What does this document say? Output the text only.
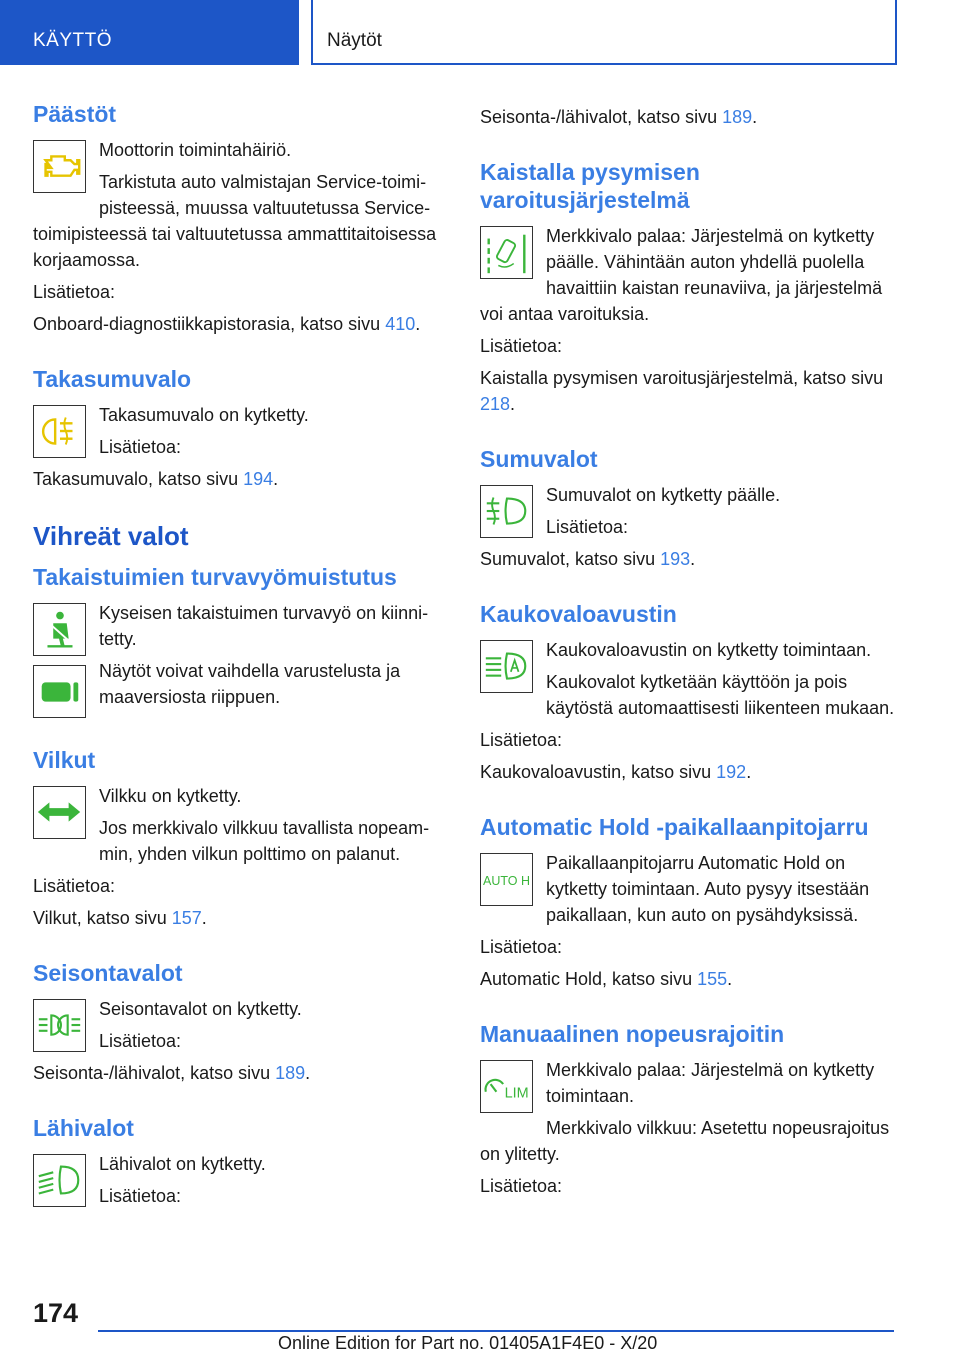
KÄYTTÖ	Näytöt
Päästöt

Moottorin toimintahäiriö.

Tarkistuta auto valmistajan Service-toimipisteessä, muussa valtuutetussa Service-toimipisteessä tai valtuutetussa ammattitaitoisessa korjaamossa.

Lisätietoa:

Onboard-diagnostiikkapistorasia, katso sivu 410.

Takasumuvalo

Takasumuvalo on kytketty.

Lisätietoa:

Takasumuvalo, katso sivu 194.

Vihreät valot
Takaistuimien turvavyömuistutus

Kyseisen takaistuimen turvavyö on kiinnitetty.

Näytöt voivat vaihdella varustelusta ja maaversiosta riippuen.

Vilkut

Vilkku on kytketty.

Jos merkkivalo vilkkuu tavallista nopeammin, yhden vilkun polttimo on palanut.

Lisätietoa:

Vilkut, katso sivu 157.

Seisontavalot

Seisontavalot on kytketty.

Lisätietoa:

Seisonta-/lähivalot, katso sivu 189.

Lähivalot

Lähivalot on kytketty.

Lisätietoa:

Seisonta-/lähivalot, katso sivu 189.

Kaistalla pysymisen varoitusjärjestelmä

Merkkivalo palaa: Järjestelmä on kytketty päälle. Vähintään auton yhdellä puolella havaittiin kaistan reunaviiva, ja järjestelmä voi antaa varoituksia.

Lisätietoa:

Kaistalla pysymisen varoitusjärjestelmä, katso sivu 218.

Sumuvalot

Sumuvalot on kytketty päälle.

Lisätietoa:

Sumuvalot, katso sivu 193.

Kaukovaloavustin

Kaukovaloavustin on kytketty toimintaan.

Kaukovalot kytketään käyttöön ja pois käytöstä automaattisesti liikenteen mukaan.

Lisätietoa:

Kaukovaloavustin, katso sivu 192.

Automatic Hold -paikallaanpitojarru
AUTO H

Paikallaanpitojarru Automatic Hold on kytketty toimintaan. Auto pysyy itsestään paikallaan, kun auto on pysähdyksissä.

Lisätietoa:

Automatic Hold, katso sivu 155.

Manuaalinen nopeusrajoitin
LIM

Merkkivalo palaa: Järjestelmä on kytketty toimintaan.

Merkkivalo vilkkuu: Asetettu nopeusrajoitus on ylitetty.

Lisätietoa:

174
Online Edition for Part no. 01405A1F4E0 - X/20
